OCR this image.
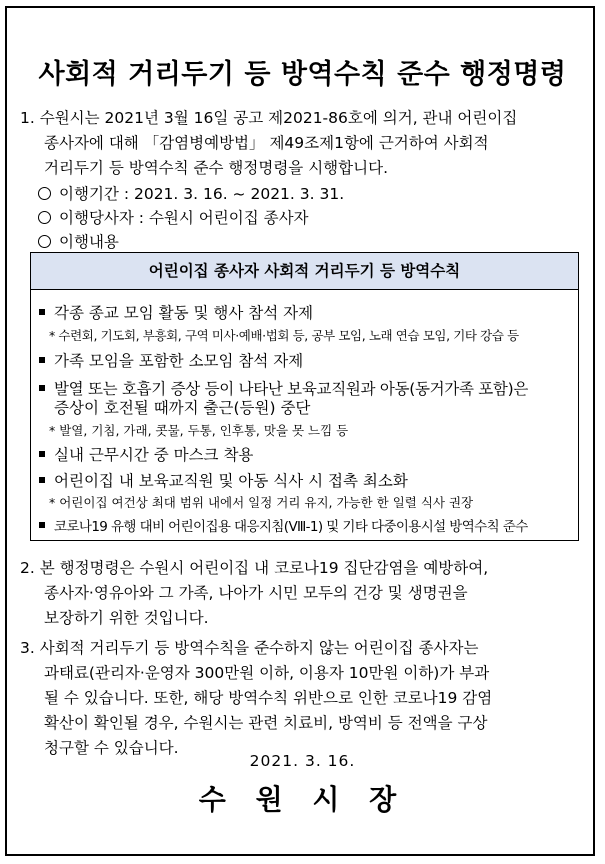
사회적 거리두기 등 방역수칙 준수 행정명령
1. 수원시는 2021년 3월 16일 공고 제2021-86호에 의거, 관내 어린이집
종사자에 대해 「감염병예방법」 제49조제1항에 근거하여 사회적
거리두기 등 방역수칙 준수 행정명령을 시행합니다.
이행기간 : 2021. 3. 16. ~ 2021. 3. 31.
이행당사자 : 수원시 어린이집 종사자
이행내용
어린이집 종사자 사회적 거리두기 등 방역수칙
각종 종교 모임 활동 및 행사 참석 자제
* 수련회, 기도회, 부흥회, 구역 미사·예배·법회 등, 공부 모임, 노래 연습 모임, 기타 강습 등
가족 모임을 포함한 소모임 참석 자제
발열 또는 호흡기 증상 등이 나타난 보육교직원과 아동(동거가족 포함)은
증상이 호전될 때까지 출근(등원) 중단
* 발열, 기침, 가래, 콧물, 두통, 인후통, 맛을 못 느낌 등
실내 근무시간 중 마스크 착용
어린이집 내 보육교직원 및 아동 식사 시 접촉 최소화
* 어린이집 여건상 최대 범위 내에서 일정 거리 유지, 가능한 한 일렬 식사 권장
코로나19 유행 대비 어린이집용 대응지침(Ⅷ-1) 및 기타 다중이용시설 방역수칙 준수
2. 본 행정명령은 수원시 어린이집 내 코로나19 집단감염을 예방하여,
종사자·영유아와 그 가족, 나아가 시민 모두의 건강 및 생명권을
보장하기 위한 것입니다.
3. 사회적 거리두기 등 방역수칙을 준수하지 않는 어린이집 종사자는
과태료(관리자·운영자 300만원 이하, 이용자 10만원 이하)가 부과
될 수 있습니다. 또한, 해당 방역수칙 위반으로 인한 코로나19 감염
확산이 확인될 경우, 수원시는 관련 치료비, 방역비 등 전액을 구상
청구할 수 있습니다.
2021. 3. 16.
수 원 시 장
